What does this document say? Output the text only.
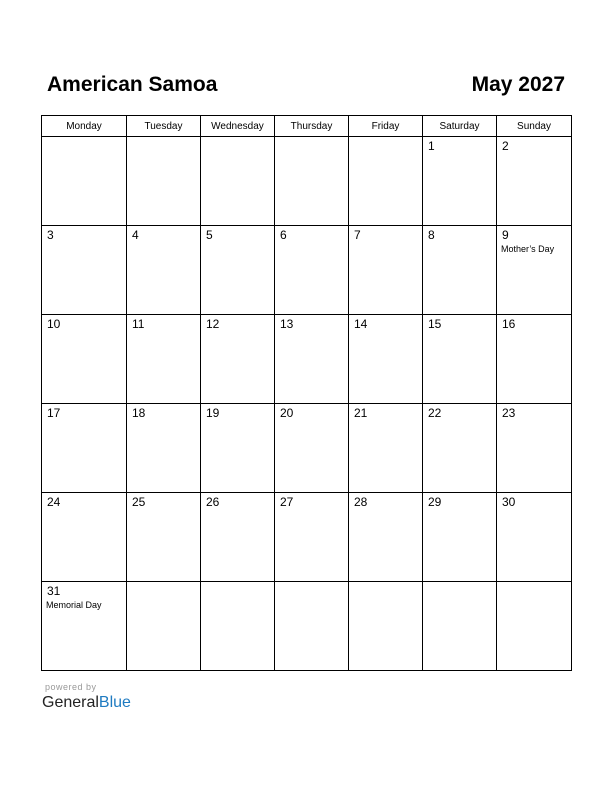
American Samoa	May 2027
Monday	Tuesday	Wednesday	Thursday	Friday	Saturday	Sunday

					1	2

3	4	5	6	7	8	9
Mother’s Day

10	11	12	13	14	15	16

17	18	19	20	21	22	23

24	25	26	27	28	29	30

31
Memorial Day						

powered by
GeneralBlue
